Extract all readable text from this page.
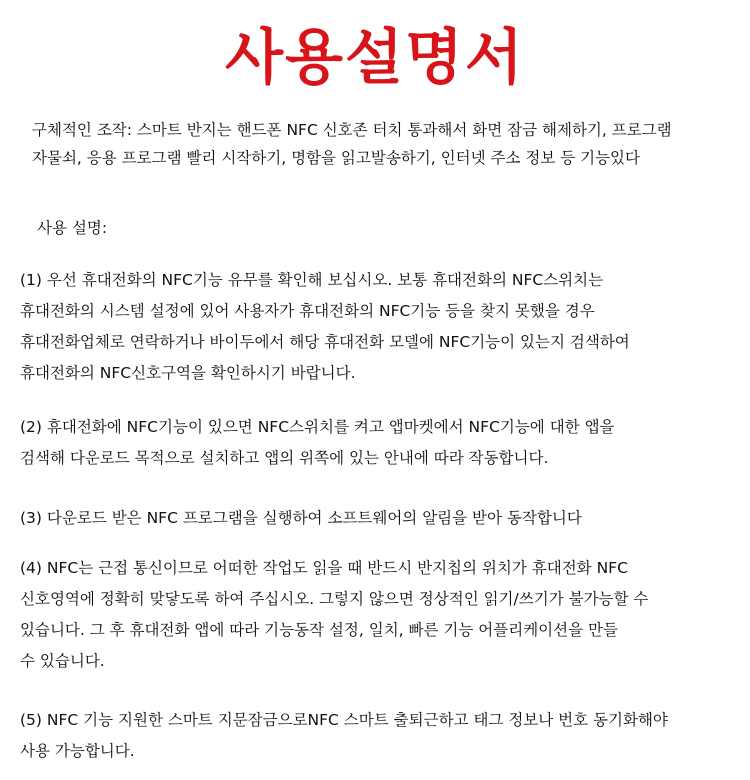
사용설명서
구체적인 조작: 스마트 반지는 핸드폰 NFC 신호존 터치 통과해서 화면 잠금 해제하기, 프로그램
자물쇠, 응용 프로그램 빨리 시작하기, 명함을 읽고발송하기, 인터넷 주소 정보 등 기능있다
사용 설명:
(1) 우선 휴대전화의 NFC기능 유무를 확인해 보십시오. 보통 휴대전화의 NFC스위치는
휴대전화의 시스템 설정에 있어 사용자가 휴대전화의 NFC기능 등을 찾지 못했을 경우
휴대전화업체로 연락하거나 바이두에서 해당 휴대전화 모델에 NFC기능이 있는지 검색하여
휴대전화의 NFC신호구역을 확인하시기 바랍니다.
(2) 휴대전화에 NFC기능이 있으면 NFC스위치를 켜고 앱마켓에서 NFC기능에 대한 앱을
검색해 다운로드 목적으로 설치하고 앱의 위쪽에 있는 안내에 따라 작동합니다.
(3) 다운로드 받은 NFC 프로그램을 실행하여 소프트웨어의 알림을 받아 동작합니다
(4) NFC는 근접 통신이므로 어떠한 작업도 읽을 때 반드시 반지칩의 위치가 휴대전화 NFC
신호영역에 정확히 맞닿도록 하여 주십시오. 그렇지 않으면 정상적인 읽기/쓰기가 불가능할 수
있습니다. 그 후 휴대전화 앱에 따라 기능동작 설정, 일치, 빠른 기능 어플리케이션을 만들
수 있습니다.
(5) NFC 기능 지원한 스마트 지문잠금으로NFC 스마트 출퇴근하고 태그 정보나 번호 동기화해야
사용 가능합니다.
